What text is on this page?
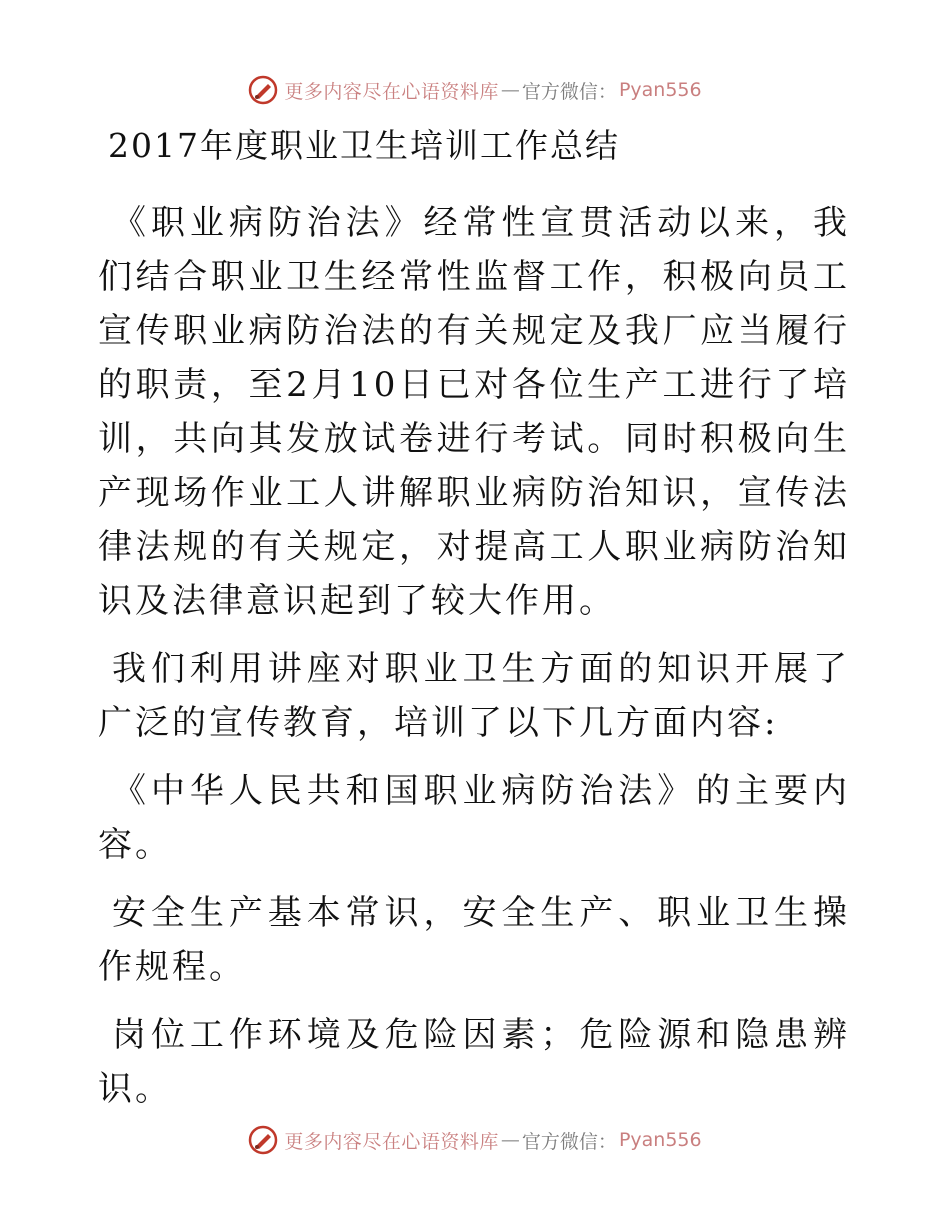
更多内容尽在心语资料库 — 官方微信： Pyan556
2017年度职业卫生培训工作总结

《职业病防治法》经常性宣贯活动以来，我们结合职业卫生经常性监督工作，积极向员工宣传职业病防治法的有关规定及我厂应当履行的职责，至2月10日已对各位生产工进行了培训，共向其发放试卷进行考试。同时积极向生产现场作业工人讲解职业病防治知识，宣传法律法规的有关规定，对提高工人职业病防治知识及法律意识起到了较大作用。

我们利用讲座对职业卫生方面的知识开展了广泛的宣传教育，培训了以下几方面内容:

《中华人民共和国职业病防治法》的主要内容。

安全生产基本常识，安全生产、职业卫生操作规程。

岗位工作环境及危险因素；危险源和隐患辨识。

更多内容尽在心语资料库 — 官方微信： Pyan556
